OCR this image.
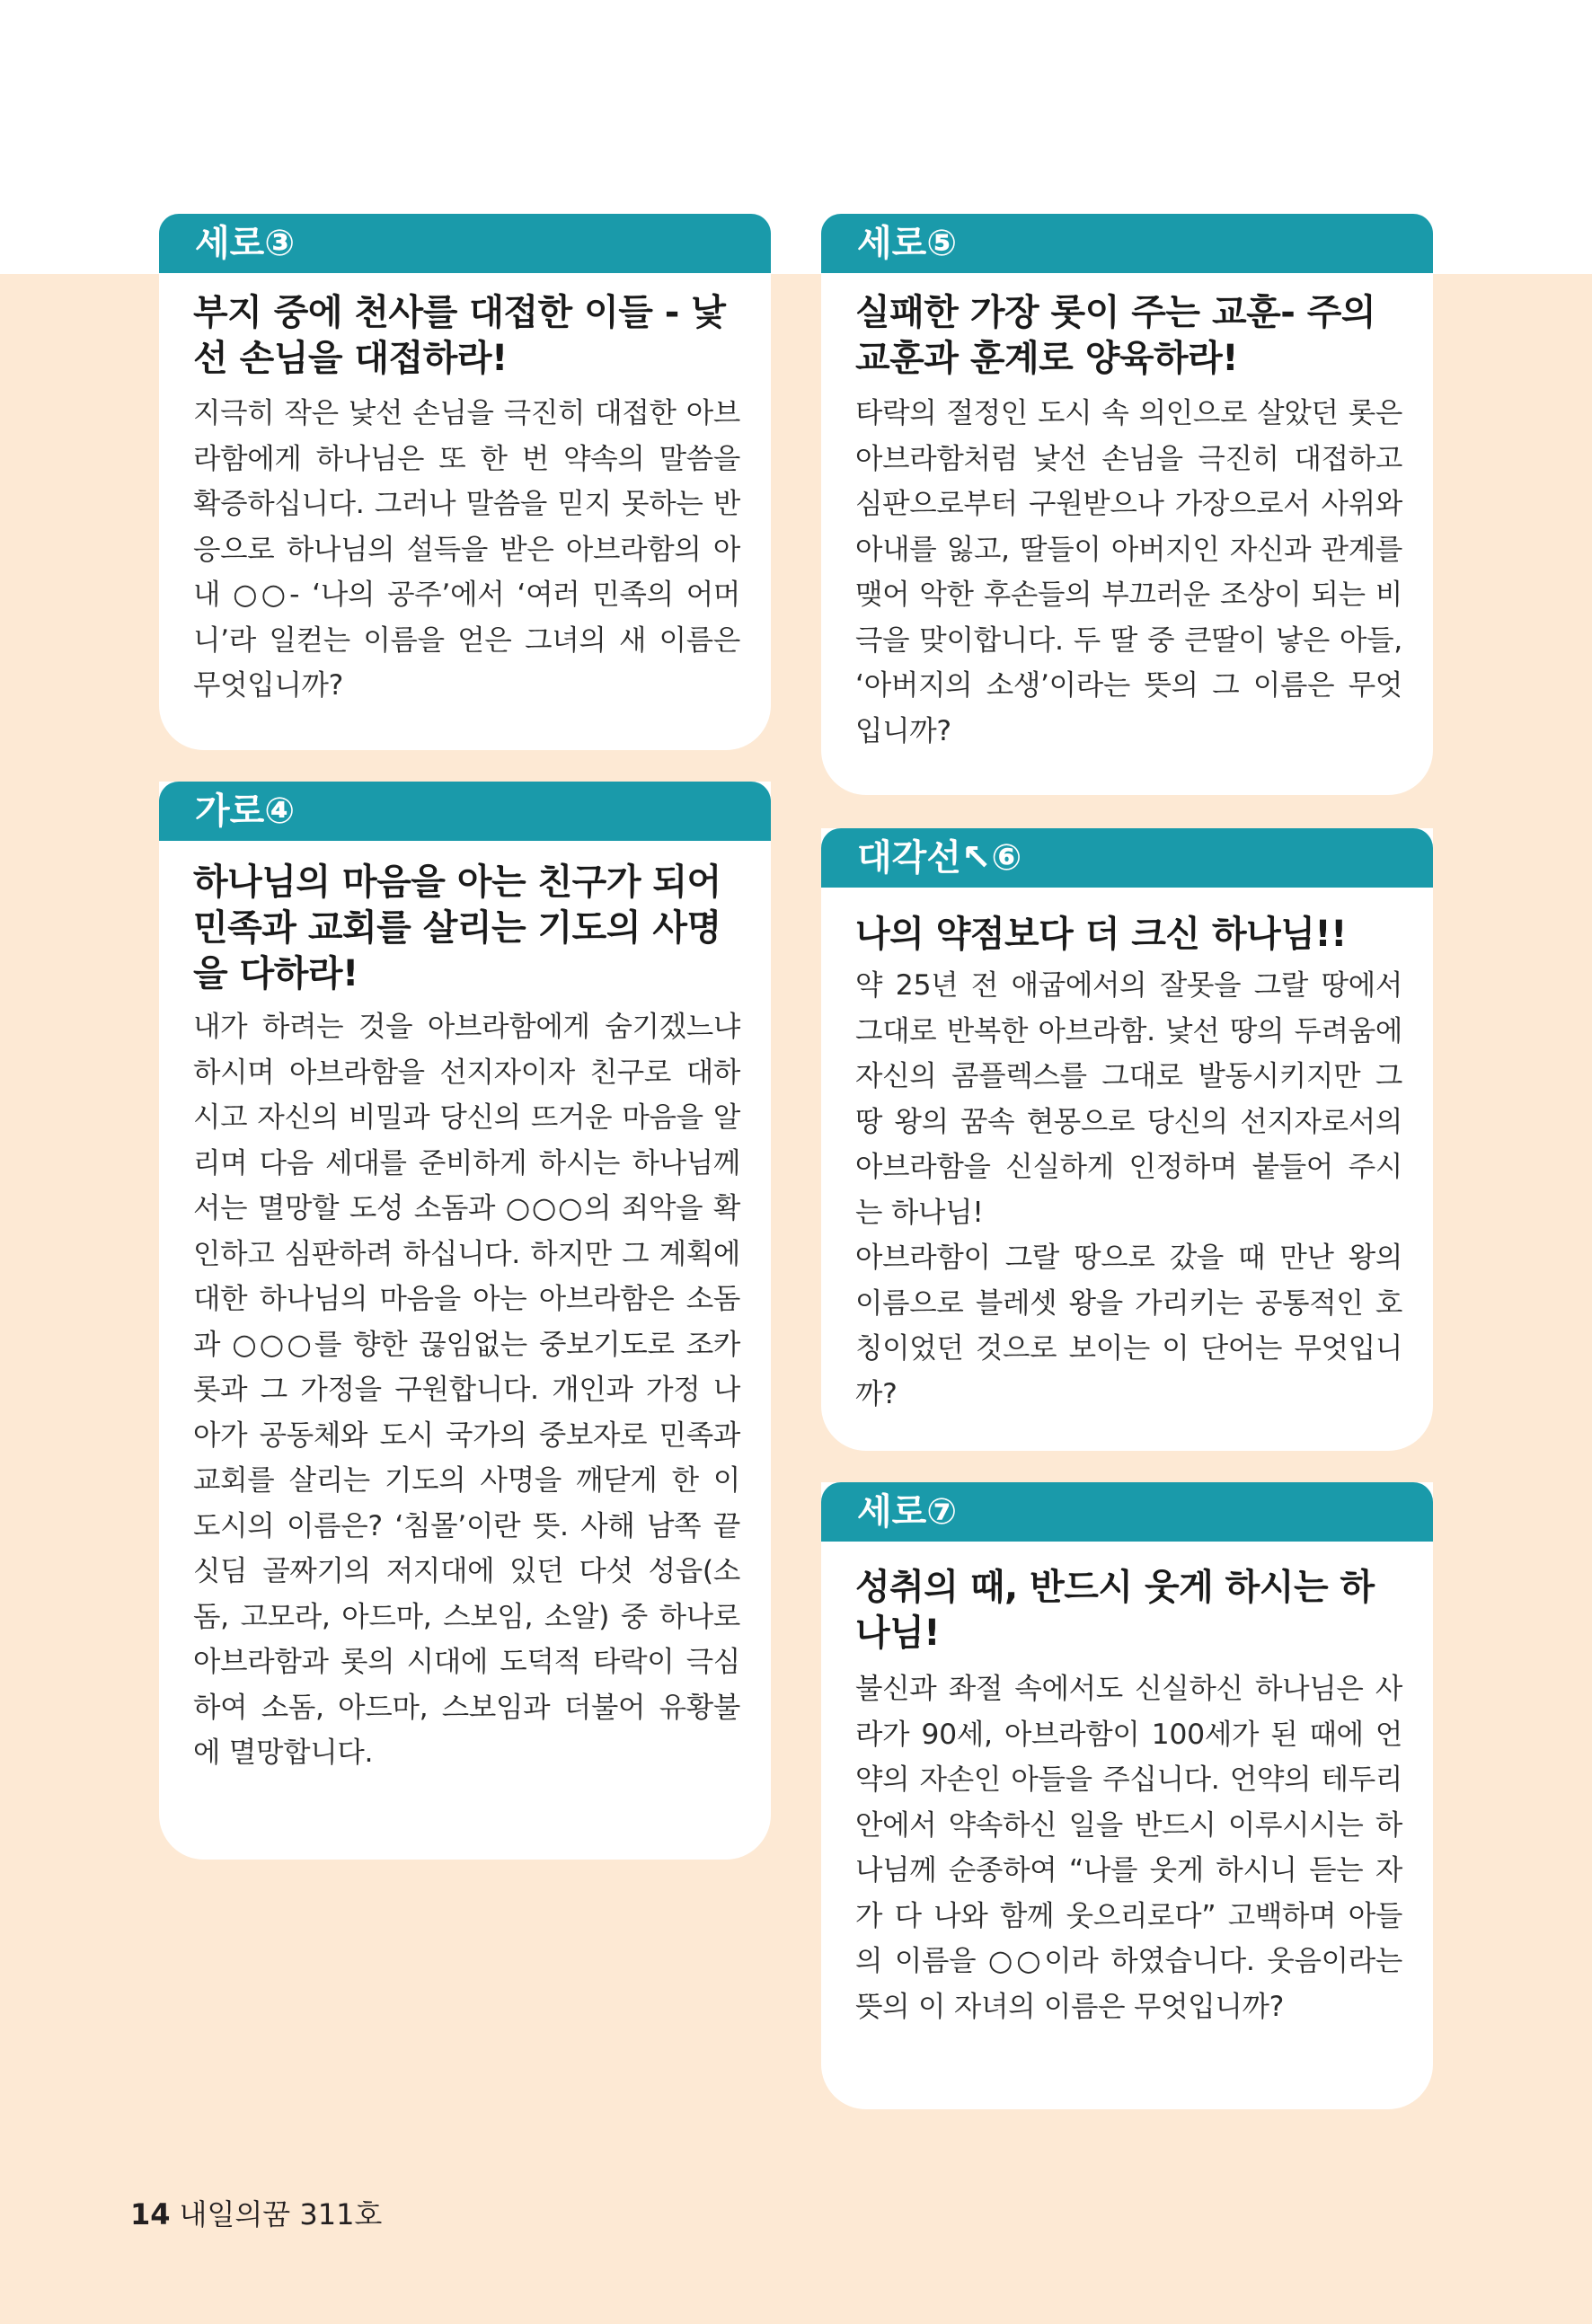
세로③
부지 중에 천사를 대접한 이들 - 낯선 손님을 대접하라!

지극히 작은 낯선 손님을 극진히 대접한 아브라함에게 하나님은 또 한 번 약속의 말씀을 확증하십니다. 그러나 말씀을 믿지 못하는 반응으로 하나님의 설득을 받은 아브라함의 아내 ○○- ‘나의 공주’에서 ‘여러 민족의 어머니’라 일컫는 이름을 얻은 그녀의 새 이름은 무엇입니까?

가로④
하나님의 마음을 아는 친구가 되어 민족과 교회를 살리는 기도의 사명을 다하라!

내가 하려는 것을 아브라함에게 숨기겠느냐 하시며 아브라함을 선지자이자 친구로 대하시고 자신의 비밀과 당신의 뜨거운 마음을 알리며 다음 세대를 준비하게 하시는 하나님께서는 멸망할 도성 소돔과 ○○○의 죄악을 확인하고 심판하려 하십니다. 하지만 그 계획에 대한 하나님의 마음을 아는 아브라함은 소돔과 ○○○를 향한 끊임없는 중보기도로 조카 롯과 그 가정을 구원합니다. 개인과 가정 나아가 공동체와 도시 국가의 중보자로 민족과 교회를 살리는 기도의 사명을 깨닫게 한 이 도시의 이름은? ‘침몰’이란 뜻. 사해 남쪽 끝 싯딤 골짜기의 저지대에 있던 다섯 성읍(소돔, 고모라, 아드마, 스보임, 소알) 중 하나로 아브라함과 롯의 시대에 도덕적 타락이 극심하여 소돔, 아드마, 스보임과 더불어 유황불에 멸망합니다.

세로⑤
실패한 가장 롯이 주는 교훈- 주의 교훈과 훈계로 양육하라!

타락의 절정인 도시 속 의인으로 살았던 롯은 아브라함처럼 낯선 손님을 극진히 대접하고 심판으로부터 구원받으나 가장으로서 사위와 아내를 잃고, 딸들이 아버지인 자신과 관계를 맺어 악한 후손들의 부끄러운 조상이 되는 비극을 맞이합니다. 두 딸 중 큰딸이 낳은 아들, ‘아버지의 소생’이라는 뜻의 그 이름은 무엇입니까?

대각선↖⑥
나의 약점보다 더 크신 하나님!!

약 25년 전 애굽에서의 잘못을 그랄 땅에서 그대로 반복한 아브라함. 낯선 땅의 두려움에 자신의 콤플렉스를 그대로 발동시키지만 그 땅 왕의 꿈속 현몽으로 당신의 선지자로서의 아브라함을 신실하게 인정하며 붙들어 주시는 하나님!

아브라함이 그랄 땅으로 갔을 때 만난 왕의 이름으로 블레셋 왕을 가리키는 공통적인 호칭이었던 것으로 보이는 이 단어는 무엇입니까?

세로⑦
성취의 때, 반드시 웃게 하시는 하나님!

불신과 좌절 속에서도 신실하신 하나님은 사라가 90세, 아브라함이 100세가 된 때에 언약의 자손인 아들을 주십니다. 언약의 테두리 안에서 약속하신 일을 반드시 이루시시는 하나님께 순종하여 “나를 웃게 하시니 듣는 자가 다 나와 함께 웃으리로다” 고백하며 아들의 이름을 ○○이라 하였습니다. 웃음이라는 뜻의 이 자녀의 이름은 무엇입니까?

14 내일의꿈 311호
